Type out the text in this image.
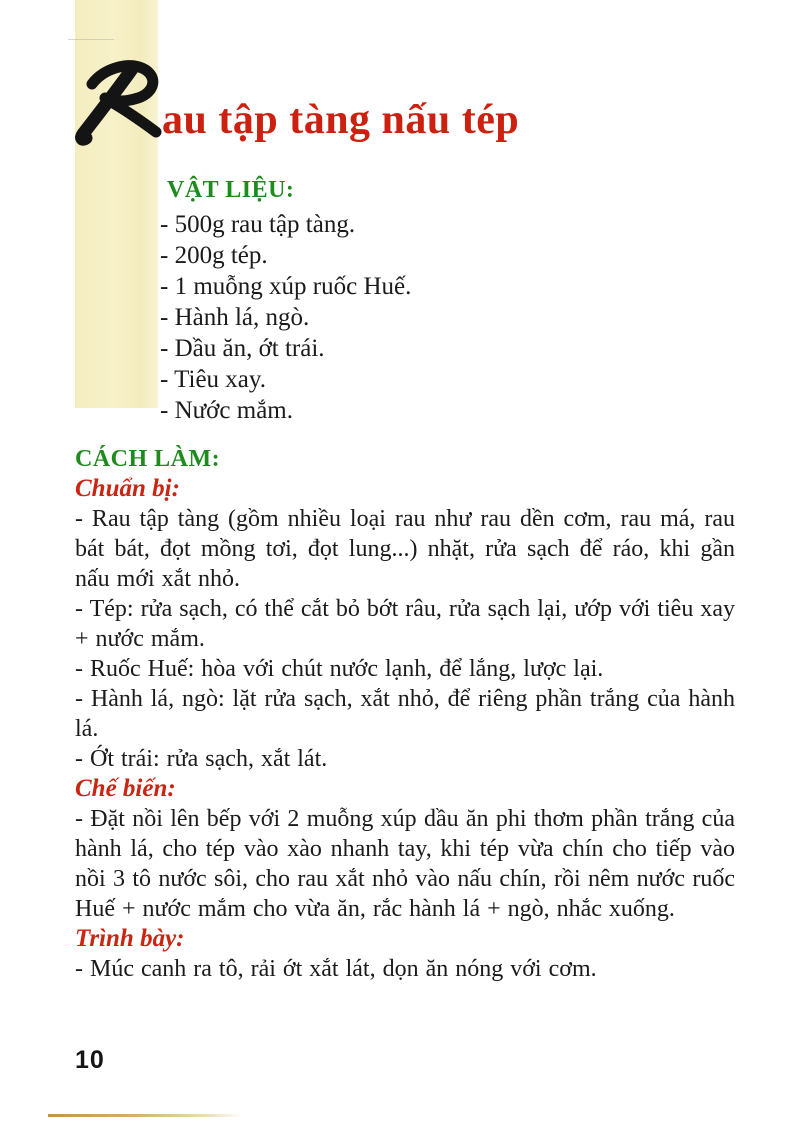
au tập tàng nấu tép
VẬT LIỆU:
- 500g rau tập tàng.
- 200g tép.
- 1 muỗng xúp ruốc Huế.
- Hành lá, ngò.
- Dầu ăn, ớt trái.
- Tiêu xay.
- Nước mắm.
CÁCH LÀM:
Chuẩn bị:
- Rau tập tàng (gồm nhiều loại rau như rau dền cơm, rau má, rau bát bát, đọt mồng tơi, đọt lung...) nhặt, rửa sạch để ráo, khi gần nấu mới xắt nhỏ.
- Tép: rửa sạch, có thể cắt bỏ bớt râu, rửa sạch lại, ướp với tiêu xay + nước mắm.
- Ruốc Huế: hòa với chút nước lạnh, để lắng, lược lại.
- Hành lá, ngò: lặt rửa sạch, xắt nhỏ, để riêng phần trắng của hành lá.
- Ớt trái: rửa sạch, xắt lát.
Chế biến:
- Đặt nồi lên bếp với 2 muỗng xúp dầu ăn phi thơm phần trắng của hành lá, cho tép vào xào nhanh tay, khi tép vừa chín cho tiếp vào nồi 3 tô nước sôi, cho rau xắt nhỏ vào nấu chín, rồi nêm nước ruốc Huế + nước mắm cho vừa ăn, rắc hành lá + ngò, nhắc xuống.
Trình bày:
- Múc canh ra tô, rải ớt xắt lát, dọn ăn nóng với cơm.
10
